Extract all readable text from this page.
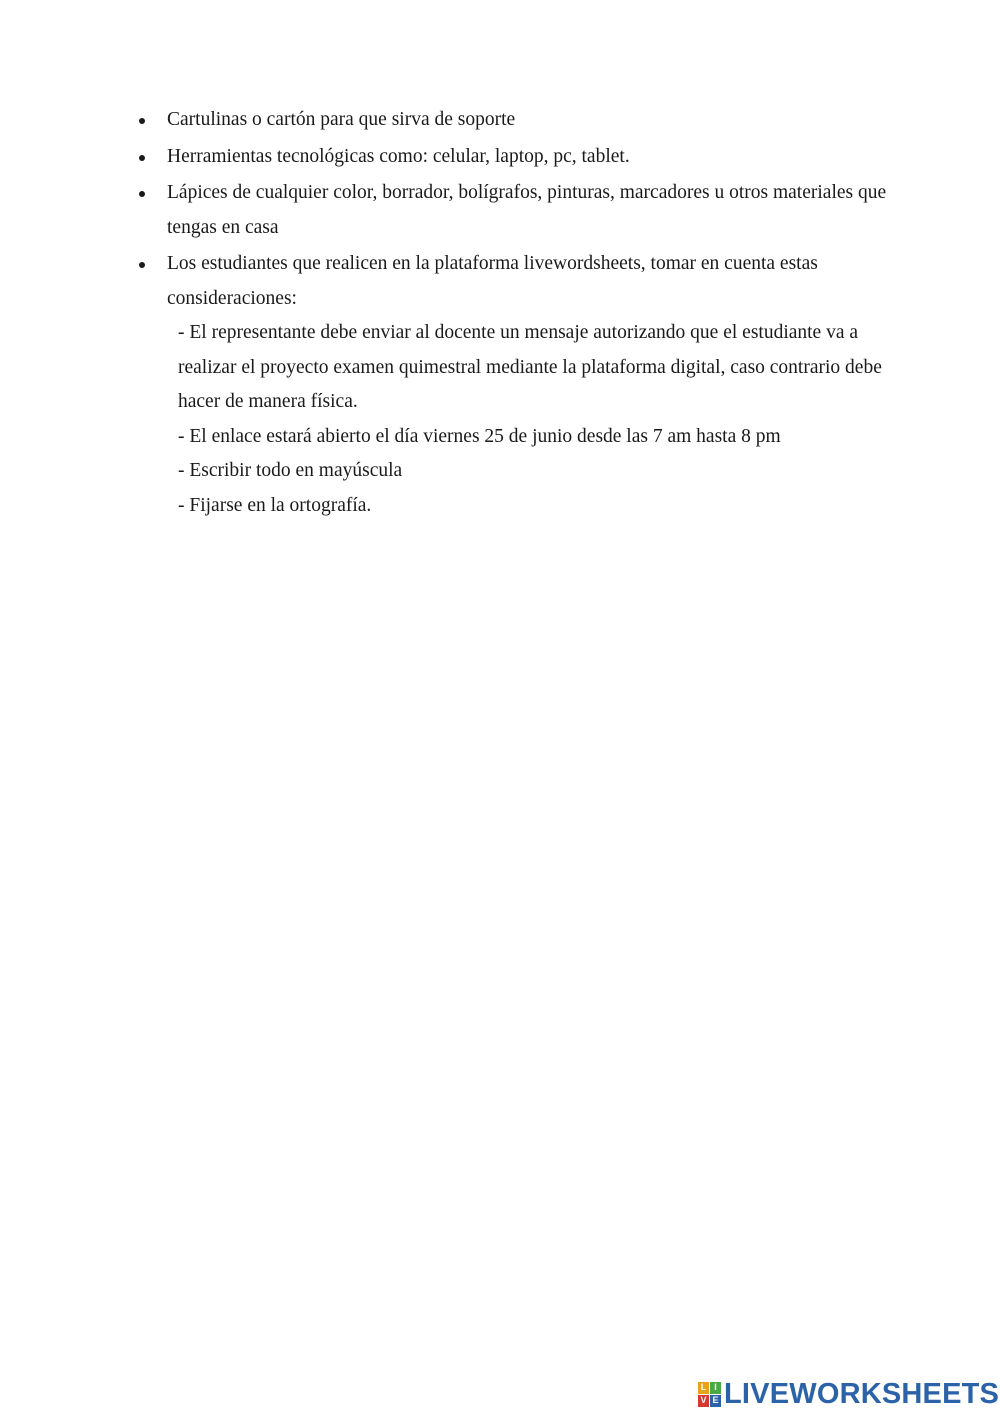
Cartulinas o cartón para que sirva de soporte
Herramientas tecnológicas como: celular, laptop, pc, tablet.
Lápices de cualquier color, borrador, bolígrafos, pinturas, marcadores u otros materiales que tengas en casa
Los estudiantes que realicen en la plataforma livewordsheets, tomar en cuenta estas consideraciones:
- El representante debe enviar al docente un mensaje autorizando que el estudiante va a realizar el proyecto examen quimestral mediante la plataforma digital, caso contrario debe hacer de manera física.
- El enlace estará abierto el día viernes 25 de junio desde las 7 am hasta 8 pm
- Escribir todo en mayúscula
- Fijarse en la ortografía.
L I
V E LIVEWORKSHEETS
